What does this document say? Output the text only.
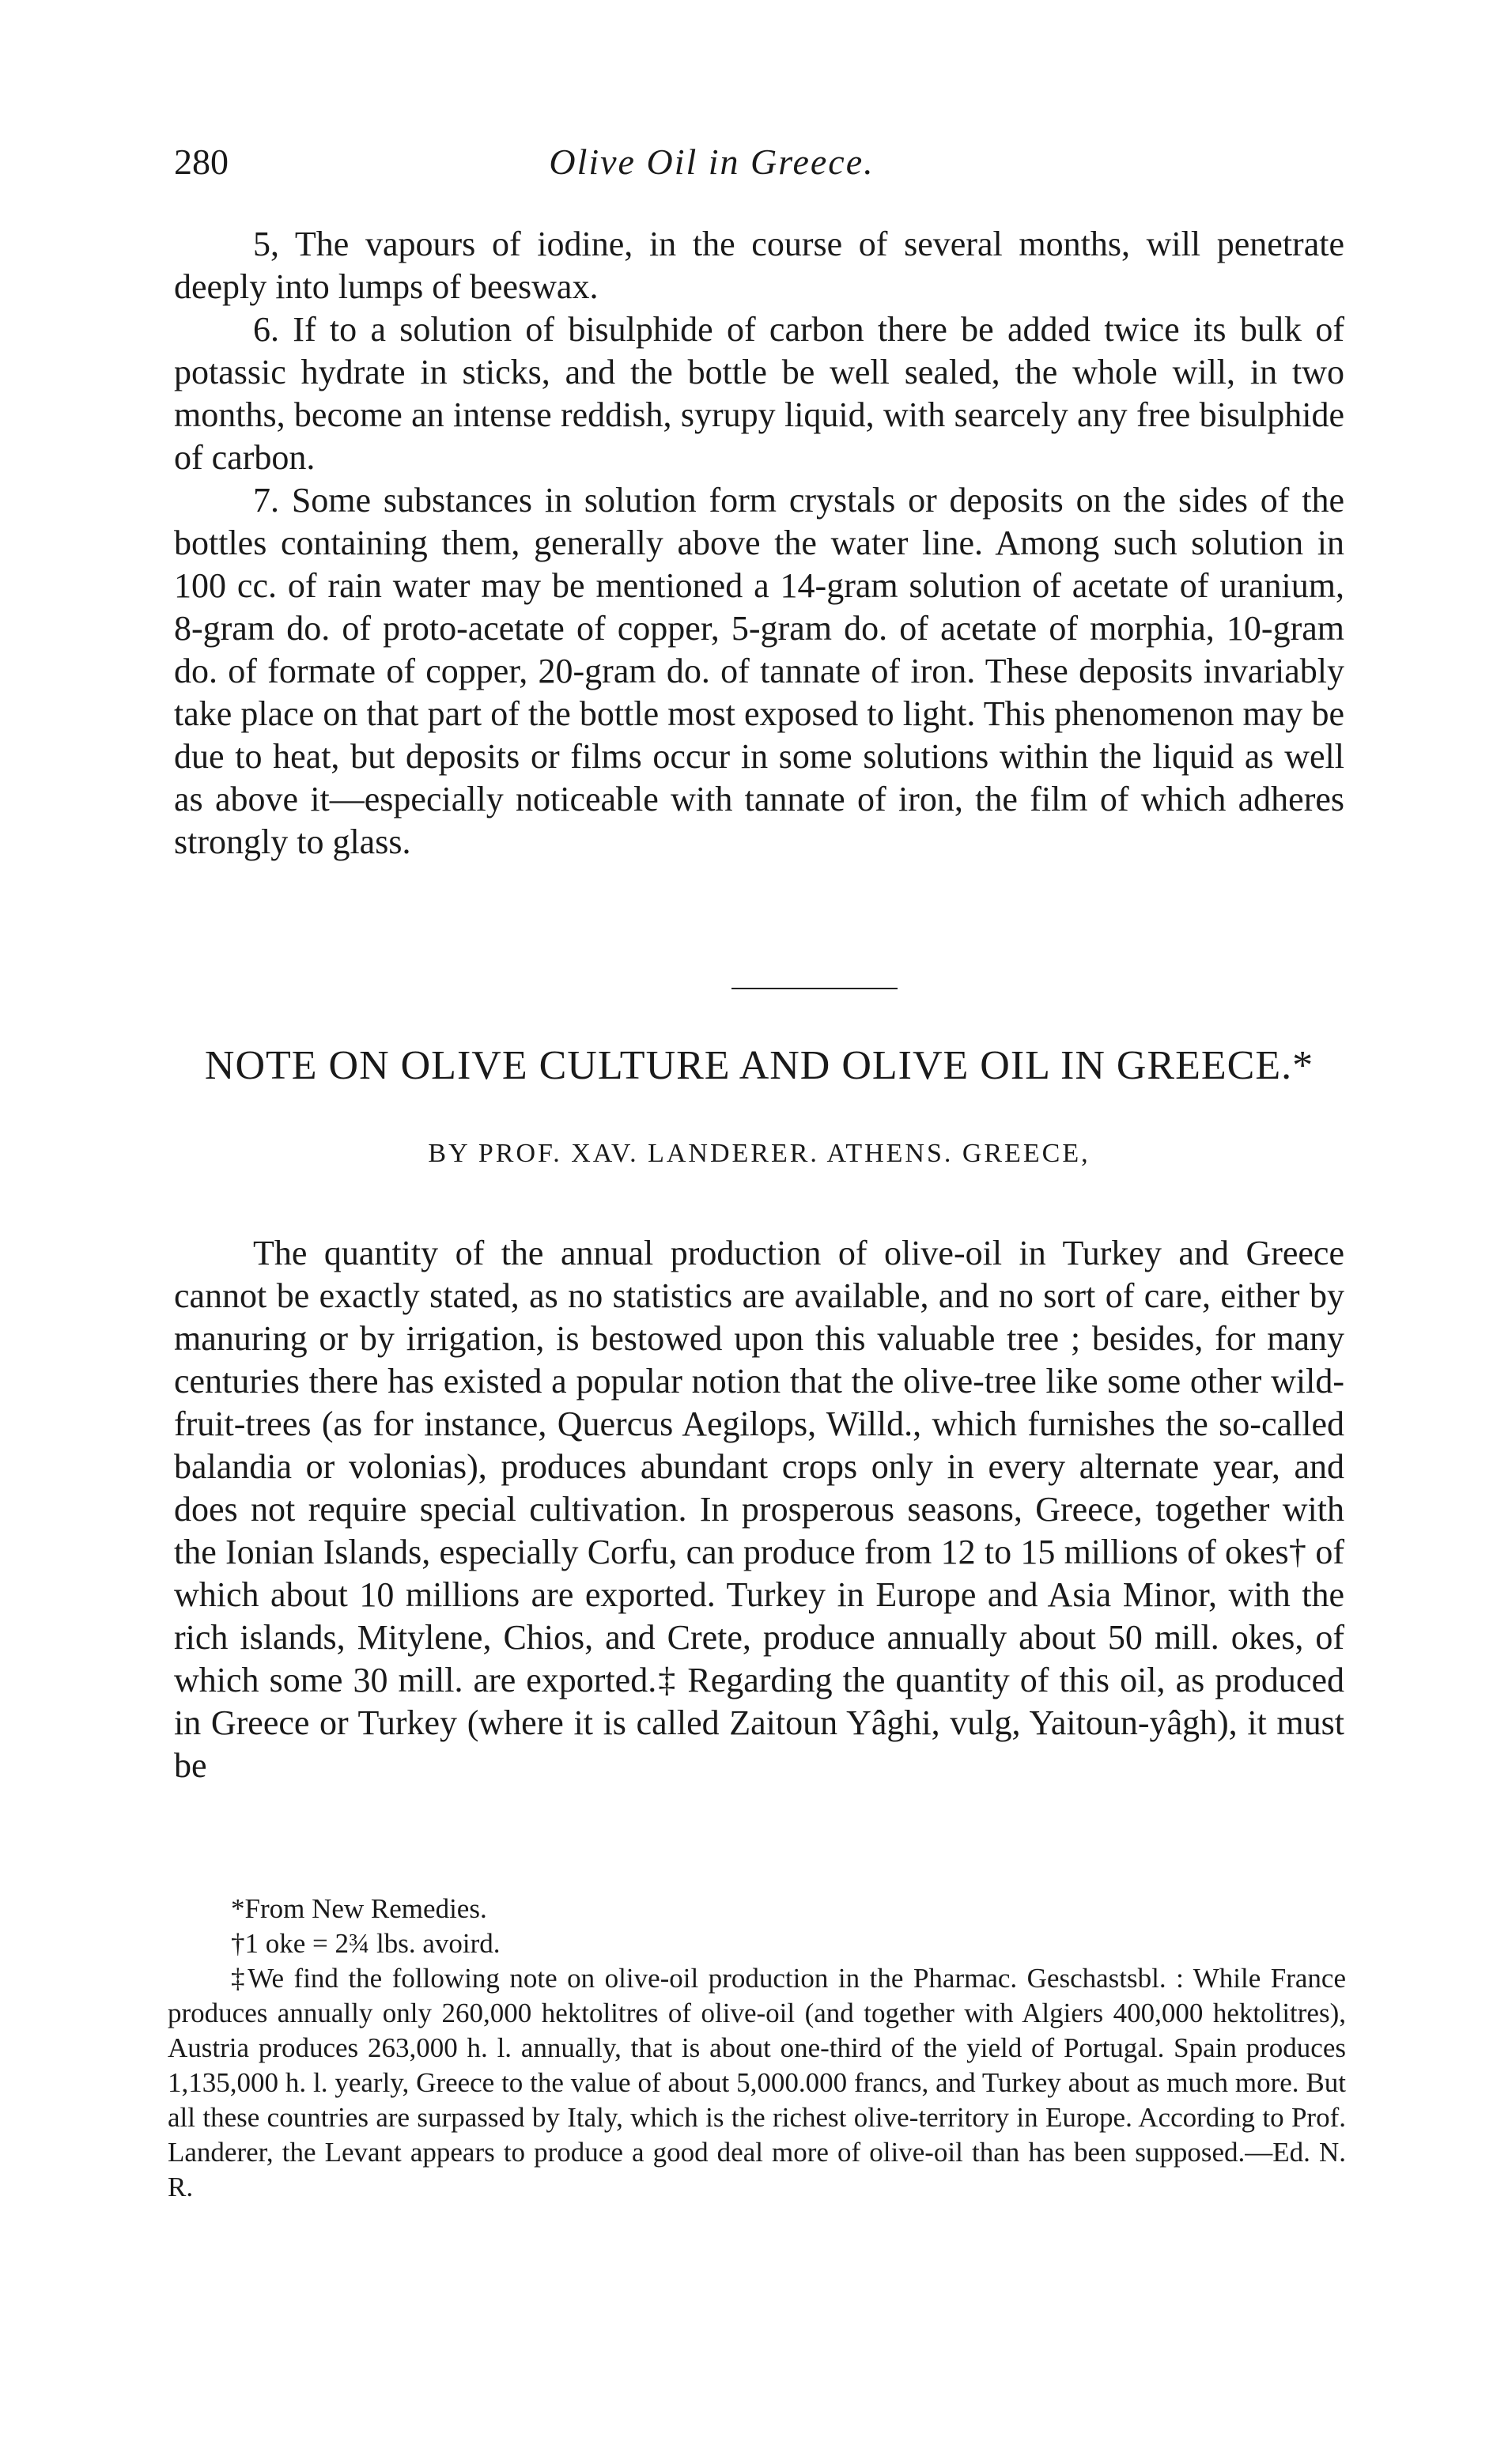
280	Olive Oil in Greece.

5, The vapours of iodine, in the course of several months, will penetrate deeply into lumps of beeswax.

6. If to a solution of bisulphide of carbon there be added twice its bulk of potassic hydrate in sticks, and the bottle be well sealed, the whole will, in two months, become an intense reddish, syrupy liquid, with searcely any free bisulphide of carbon.

7. Some substances in solution form crystals or deposits on the sides of the bottles containing them, generally above the water line. Among such solution in 100 cc. of rain water may be mentioned a 14-gram solution of acetate of uranium, 8-gram do. of proto-acetate of copper, 5-gram do. of acetate of morphia, 10-gram do. of formate of copper, 20-gram do. of tannate of iron. These deposits invariably take place on that part of the bottle most exposed to light. This phenomenon may be due to heat, but deposits or films occur in some solutions within the liquid as well as above it—especially noticeable with tannate of iron, the film of which adheres strongly to glass.

NOTE ON OLIVE CULTURE AND OLIVE OIL IN GREECE.*
BY PROF. XAV. LANDERER. ATHENS. GREECE,

The quantity of the annual production of olive-oil in Turkey and Greece cannot be exactly stated, as no statistics are available, and no sort of care, either by manuring or by irrigation, is bestowed upon this valuable tree ; besides, for many centuries there has existed a popular notion that the olive-tree like some other wild-fruit-trees (as for instance, Quercus Aegilops, Willd., which furnishes the so-called balandia or volonias), produces abundant crops only in every alternate year, and does not require special cultivation. In prosperous seasons, Greece, together with the Ionian Islands, especially Corfu, can produce from 12 to 15 millions of okes† of which about 10 millions are exported. Turkey in Europe and Asia Minor, with the rich islands, Mitylene, Chios, and Crete, produce annually about 50 mill. okes, of which some 30 mill. are exported.‡ Regarding the quantity of this oil, as produced in Greece or Turkey (where it is called Zaitoun Yâghi, vulg, Yaitoun-yâgh), it must be

*From New Remedies.

†1 oke = 2¾ lbs. avoird.

‡We find the following note on olive-oil production in the Pharmac. Geschastsbl. : While France produces annually only 260,000 hektolitres of olive-oil (and together with Algiers 400,000 hektolitres), Austria produces 263,000 h. l. annually, that is about one-third of the yield of Portugal. Spain produces 1,135,000 h. l. yearly, Greece to the value of about 5,000.000 francs, and Turkey about as much more. But all these countries are surpassed by Italy, which is the richest olive-territory in Europe. According to Prof. Landerer, the Levant appears to produce a good deal more of olive-oil than has been supposed.—Ed. N. R.
